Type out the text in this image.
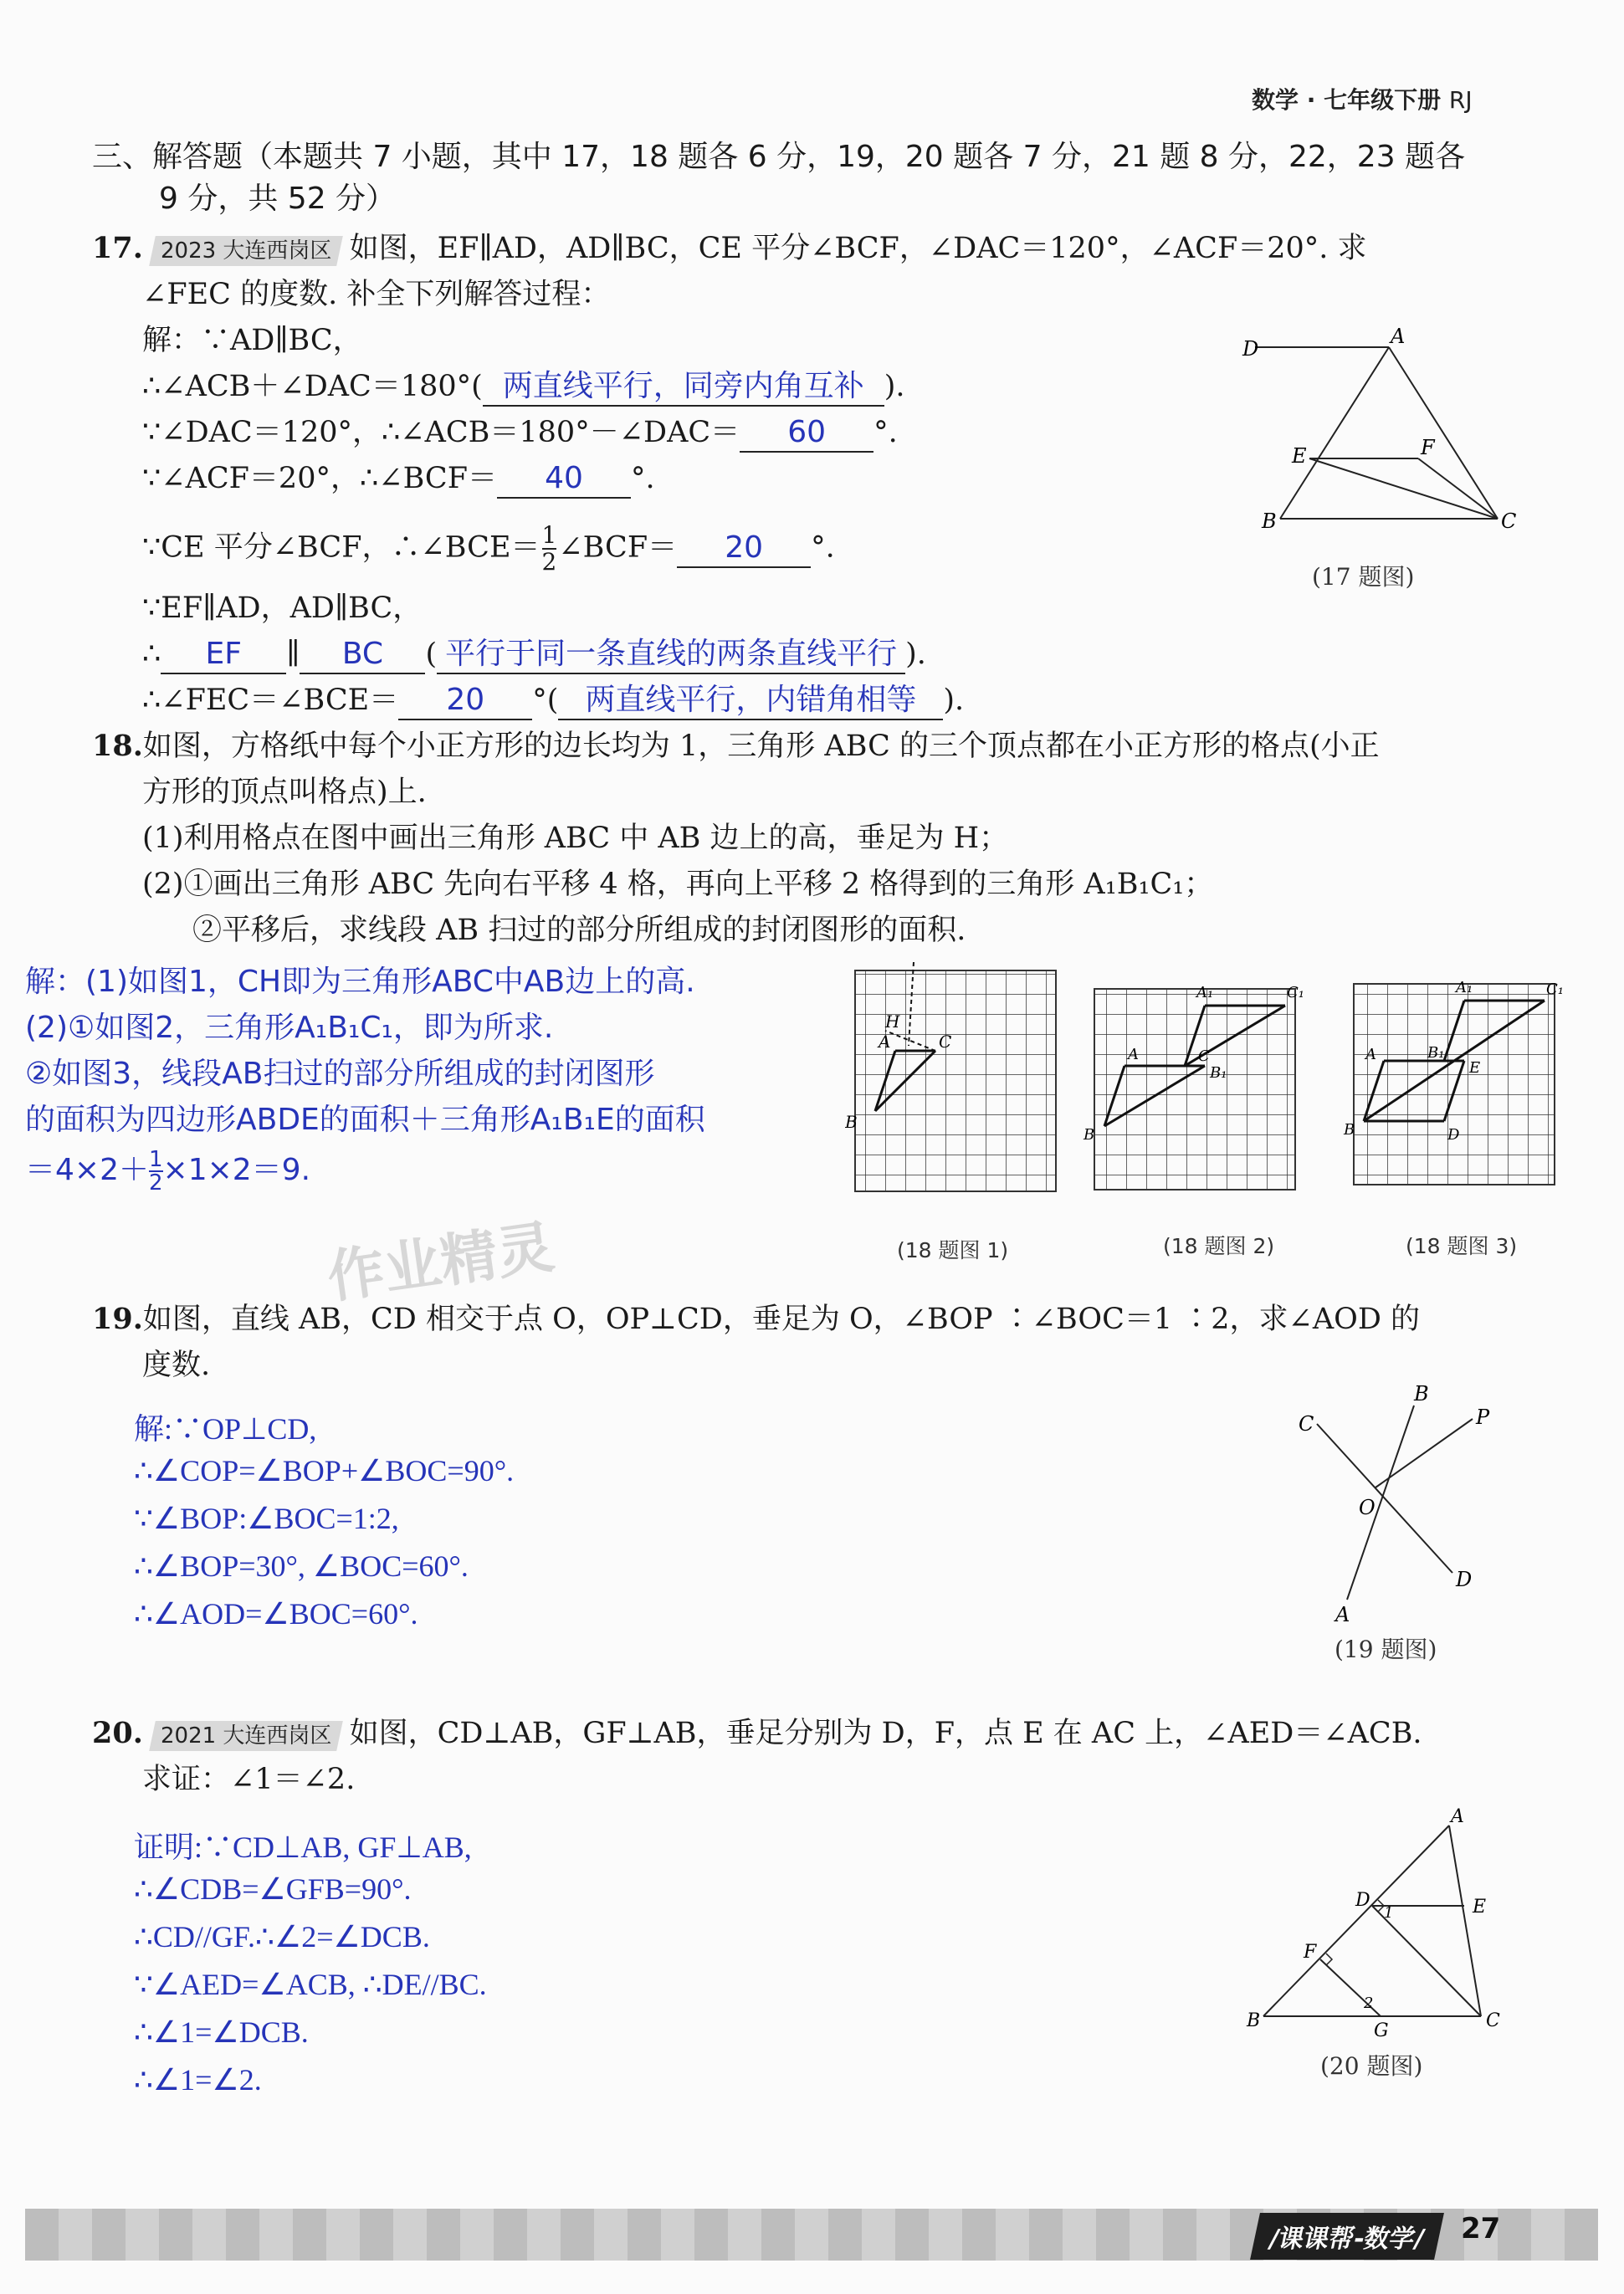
数学 · 七年级下册 RJ
三、解答题（本题共 7 小题，其中 17，18 题各 6 分，19，20 题各 7 分，21 题 8 分，22，23 题各
9 分，共 52 分）
17. 2023 大连西岗区 如图，EF∥AD，AD∥BC，CE 平分∠BCF，∠DAC＝120°，∠ACF＝20°. 求
∠FEC 的度数. 补全下列解答过程：
解：∵AD∥BC，
∴∠ACB＋∠DAC＝180°( 两直线平行，同旁内角互补 ).
∵∠DAC＝120°，∴∠ACB＝180°－∠DAC＝ 60 °.
∵∠ACF＝20°，∴∠BCF＝ 40 °.
∵CE 平分∠BCF，∴∠BCE＝ $\frac{1}{2}$ ∠BCF＝ 20 °.
∵EF∥AD，AD∥BC，
∴ EF ∥ BC ( 平行于同一条直线的两条直线平行 ).
∴∠FEC＝∠BCE＝ 20 °( 两直线平行，内错角相等 ).
D
A
E	F
B	C
(17 题图)
18.如图，方格纸中每个小正方形的边长均为 1，三角形 ABC 的三个顶点都在小正方形的格点(小正
方形的顶点叫格点)上.
(1)利用格点在图中画出三角形 ABC 中 AB 边上的高，垂足为 H；
(2)①画出三角形 ABC 先向右平移 4 格，再向上平移 2 格得到的三角形 A₁B₁C₁；
②平移后，求线段 AB 扫过的部分所组成的封闭图形的面积.
解：(1)如图1，CH即为三角形ABC中AB边上的高.
(2)①如图2，三角形A₁B₁C₁，即为所求.
②如图3，线段AB扫过的部分所组成的封闭图形
的面积为四边形ABDE的面积＋三角形A₁B₁E的面积
$=4\times 2+ \frac{1}{2} \times 1\times 2=9$.
H
A	C
B
A₁	C₁
A	C
B₁
B
A₁	C₁
A	B₁
E
B	D
(18 题图 1)	(18 题图 2)	(18 题图 3)
作业精灵
19.如图，直线 AB，CD 相交于点 O，OP⊥CD，垂足为 O，∠BOP ∶∠BOC＝1 ∶2，求∠AOD 的
度数.
解:∵OP⊥CD,
∴∠COP=∠BOP+∠BOC=90°.
∵∠BOP:∠BOC=1:2,
∴∠BOP=30°, ∠BOC=60°.
∴∠AOD=∠BOC=60°.
C
B
P
O
D
A
(19 题图)
20. 2021 大连西岗区 如图，CD⊥AB，GF⊥AB，垂足分别为 D，F，点 E 在 AC 上，∠AED＝∠ACB.
求证：∠1＝∠2.
证明:∵CD⊥AB, GF⊥AB,
∴∠CDB=∠GFB=90°.
∴CD//GF.∴∠2=∠DCB.
∵∠AED=∠ACB, ∴DE//BC.
∴∠1=∠DCB.
∴∠1=∠2.
A
D
1	E
F
2
B	G	C
(20 题图)
/课课帮-数学/	27
